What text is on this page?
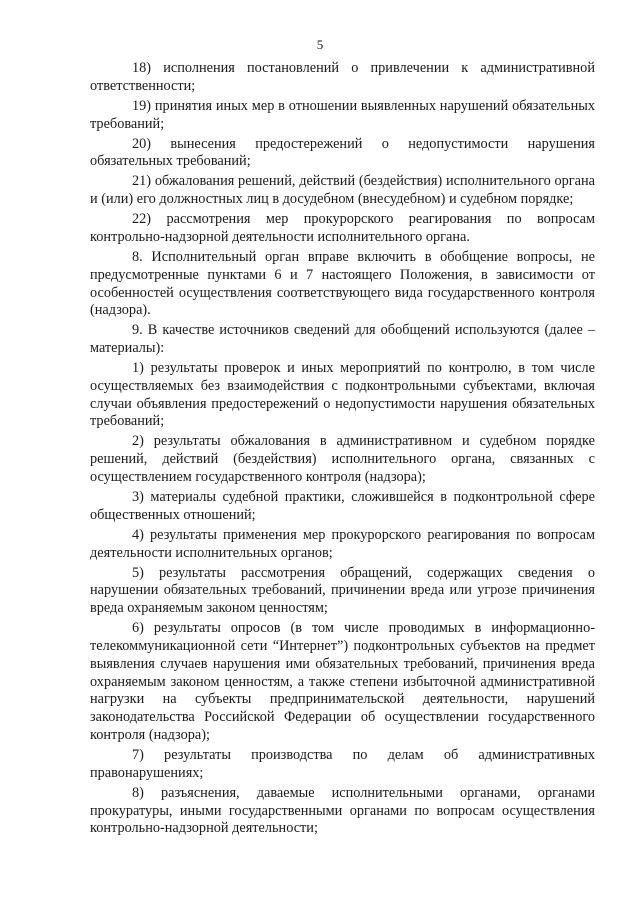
5

18) исполнения постановлений о привлечении к административной ответственности;

19) принятия иных мер в отношении выявленных нарушений обязательных требований;

20) вынесения предостережений о недопустимости нарушения обязательных требований;

21) обжалования решений, действий (бездействия) исполнительного органа и (или) его должностных лиц в досудебном (внесудебном) и судебном порядке;

22) рассмотрения мер прокурорского реагирования по вопросам контрольно-надзорной деятельности исполнительного органа.

8. Исполнительный орган вправе включить в обобщение вопросы, не предусмотренные пунктами 6 и 7 настоящего Положения, в зависимости от особенностей осуществления соответствующего вида государственного контроля (надзора).

9. В качестве источников сведений для обобщений используются (далее – материалы):

1) результаты проверок и иных мероприятий по контролю, в том числе осуществляемых без взаимодействия с подконтрольными субъектами, включая случаи объявления предостережений о недопустимости нарушения обязательных требований;

2) результаты обжалования в административном и судебном порядке решений, действий (бездействия) исполнительного органа, связанных с осуществлением государственного контроля (надзора);

3) материалы судебной практики, сложившейся в подконтрольной сфере общественных отношений;

4) результаты применения мер прокурорского реагирования по вопросам деятельности исполнительных органов;

5) результаты рассмотрения обращений, содержащих сведения о нарушении обязательных требований, причинении вреда или угрозе причинения вреда охраняемым законом ценностям;

6) результаты опросов (в том числе проводимых в информационно-телекоммуникационной сети “Интернет”) подконтрольных субъектов на предмет выявления случаев нарушения ими обязательных требований, причинения вреда охраняемым законом ценностям, а также степени избыточной административной нагрузки на субъекты предпринимательской деятельности, нарушений законодательства Российской Федерации об осуществлении государственного контроля (надзора);

7) результаты производства по делам об административных правонарушениях;

8) разъяснения, даваемые исполнительными органами, органами прокуратуры, иными государственными органами по вопросам осуществления контрольно-надзорной деятельности;
